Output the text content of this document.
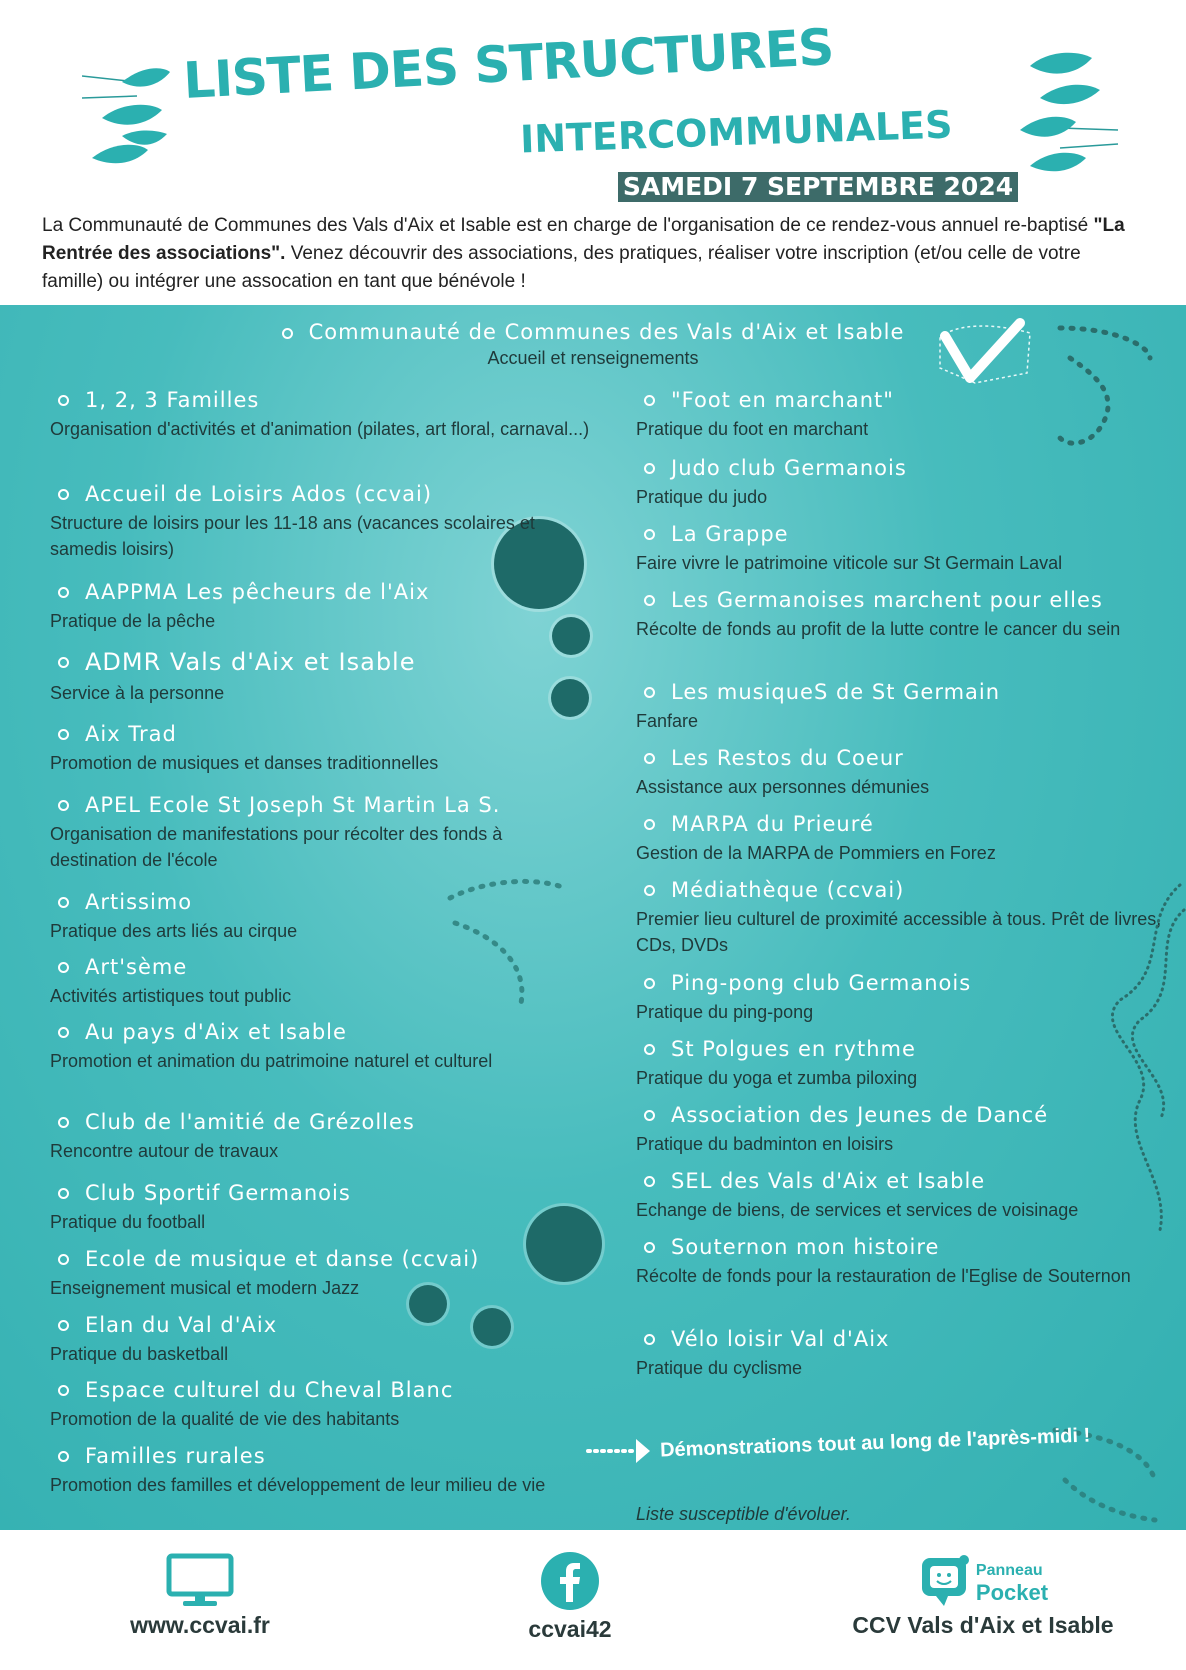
LISTE DES STRUCTURES
INTERCOMMUNALES
SAMEDI 7 SEPTEMBRE 2024
La Communauté de Communes des Vals d'Aix et Isable est en charge de l'organisation de ce rendez-vous annuel re-baptisé "La Rentrée des associations". Venez découvrir des associations, des pratiques, réaliser votre inscription (et/ou celle de votre famille) ou intégrer une assocation en tant que bénévole !
Communauté de Communes des Vals d'Aix et Isable
Accueil et renseignements
1, 2, 3 Familles
Organisation d'activités et d'animation (pilates, art floral, carnaval...)
Accueil de Loisirs Ados (ccvai)
Structure de loisirs pour les 11-18 ans (vacances scolaires et samedis loisirs)
AAPPMA Les pêcheurs de l'Aix
Pratique de la pêche
ADMR Vals d'Aix et Isable
Service à la personne
Aix Trad
Promotion de musiques et danses traditionnelles
APEL Ecole St Joseph St Martin La S.
Organisation de manifestations pour récolter des fonds à destination de l'école
Artissimo
Pratique des arts liés au cirque
Art'sème
Activités artistiques tout public
Au pays d'Aix et Isable
Promotion et animation du patrimoine naturel et culturel
Club de l'amitié de Grézolles
Rencontre autour de travaux
Club Sportif Germanois
Pratique du football
Ecole de musique et danse (ccvai)
Enseignement musical et modern Jazz
Elan du Val d'Aix
Pratique du basketball
Espace culturel du Cheval Blanc
Promotion de la qualité de vie des habitants
Familles rurales
Promotion des familles et développement de leur milieu de vie
"Foot en marchant"
Pratique du foot en marchant
Judo club Germanois
Pratique du judo
La Grappe
Faire vivre le patrimoine viticole sur St Germain Laval
Les Germanoises marchent pour elles
Récolte de fonds au profit de la lutte contre le cancer du sein
Les musiqueS de St Germain
Fanfare
Les Restos du Coeur
Assistance aux personnes démunies
MARPA du Prieuré
Gestion de la MARPA de Pommiers en Forez
Médiathèque (ccvai)
Premier lieu culturel de proximité accessible à tous. Prêt de livres, CDs, DVDs
Ping-pong club Germanois
Pratique du ping-pong
St Polgues en rythme
Pratique du yoga et zumba piloxing
Association des Jeunes de Dancé
Pratique du badminton en loisirs
SEL des Vals d'Aix et Isable
Echange de biens, de services et services de voisinage
Souternon mon histoire
Récolte de fonds pour la restauration de l'Eglise de Souternon
Vélo loisir Val d'Aix
Pratique du cyclisme
Démonstrations tout au long de l'après-midi !
Liste susceptible d'évoluer.
www.ccvai.fr	ccvai42
Panneau
Pocket
CCV Vals d'Aix et Isable
